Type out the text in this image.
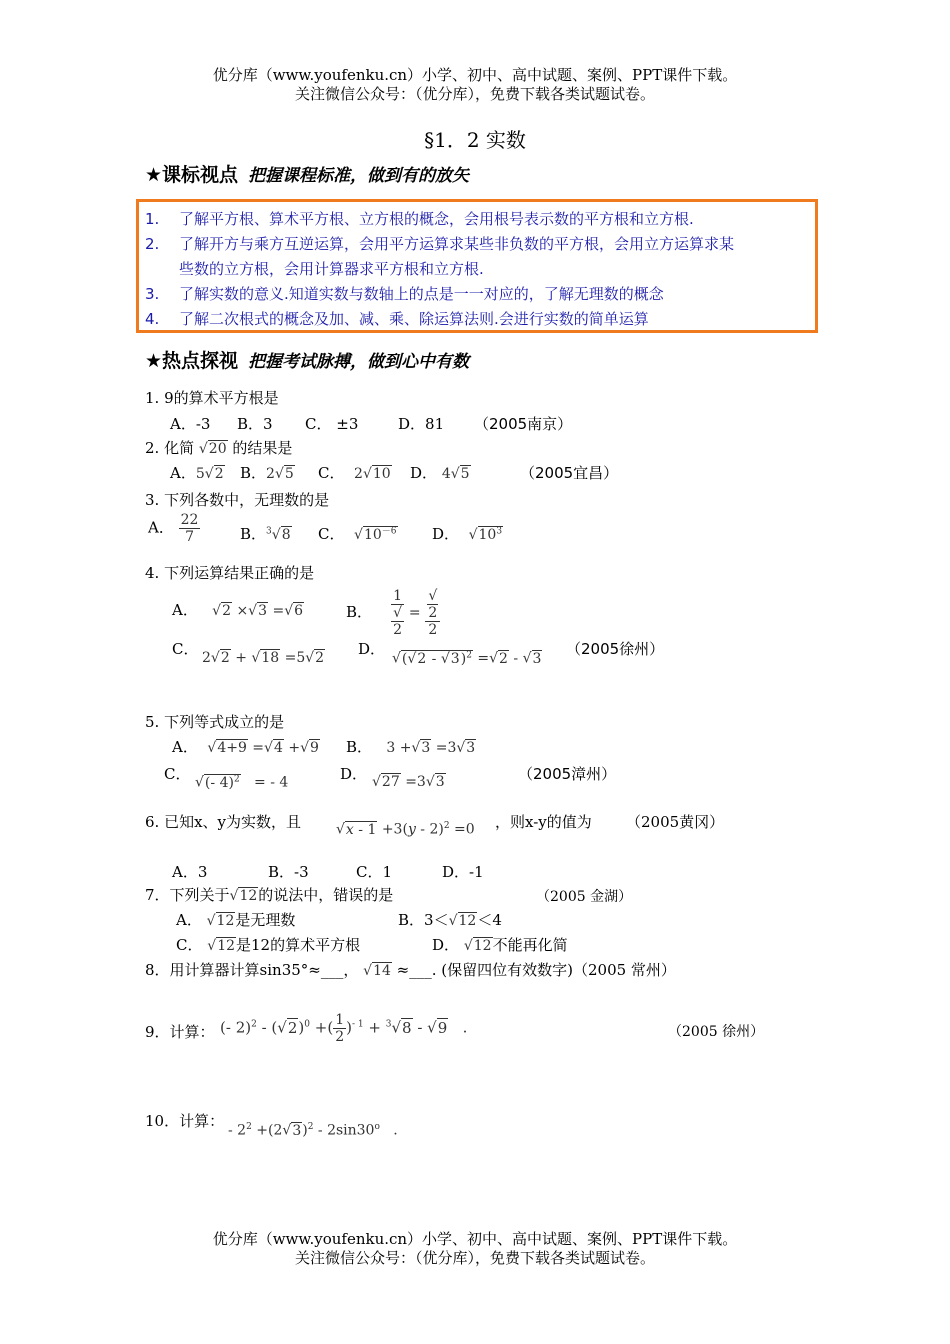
优分库（www.youfenku.cn）小学、初中、高中试题、案例、PPT课件下载。
关注微信公众号：（优分库），免费下载各类试题试卷。
§1．2 实数
★课标视点 把握课程标准，做到有的放矢
1. 了解平方根、算术平方根、立方根的概念，会用根号表示数的平方根和立方根.
2. 了解开方与乘方互逆运算，会用平方运算求某些非负数的平方根，会用立方运算求某
些数的立方根，会用计算器求平方根和立方根.
3. 了解实数的意义.知道实数与数轴上的点是一一对应的，了解无理数的概念
4. 了解二次根式的概念及加、减、乘、除运算法则.会进行实数的简单运算
★热点探视 把握考试脉搏，做到心中有数
1. 9的算术平方根是
A．-3 B．3 C． ±3	D．81 （2005南京）
2. 化简 √20 的结果是
A．5√2 B．2√5 C． 2√10 D． 4√5	（2005宜昌）
3. 下列各数中，无理数的是
A． $\frac{22}{7}$	B．$^3$√8 C． $√10^{-6}$ D． $√10^3$
4. 下列运算结果正确的是
A． √2 ×√3 =√6	B． 1
√
2 = √
2
2
C． 2√2 + √18 =5√2 D．
√(√2 - √3)$^2$ =√2 - √3
（2005徐州）
5. 下列等式成立的是
A． √4+9 =√4 +√9 B． 3 +√3 =3√3
C． √(- 4)$^2$   = - 4	D． √27 =3√3	（2005漳州）
6. 已知x、y为实数，且 √x - 1 +3(y - 2)$^2$ =0 ，则x-y的值为 （2005黄冈）
A．3	B．-3	C．1	D．-1
7．下列关于√12的说法中，错误的是	（2005 金湖）
A． √12是无理数	B．3＜√12＜4
C． √12是12的算术平方根	D． √12不能再化简
8．用计算器计算sin35°≈___， √14 ≈___. (保留四位有效数字)（2005 常州）
9．计算： (- $2)^2 - (√2)^0$ +( $\frac{1}{2} )^{- 1} + ^3√8 - √9$   .	（2005 徐州）
10．计算：
- $2^2 +(2√3)^2 - 2\sin 30^o$   .
优分库（www.youfenku.cn）小学、初中、高中试题、案例、PPT课件下载。
关注微信公众号：（优分库），免费下载各类试题试卷。
